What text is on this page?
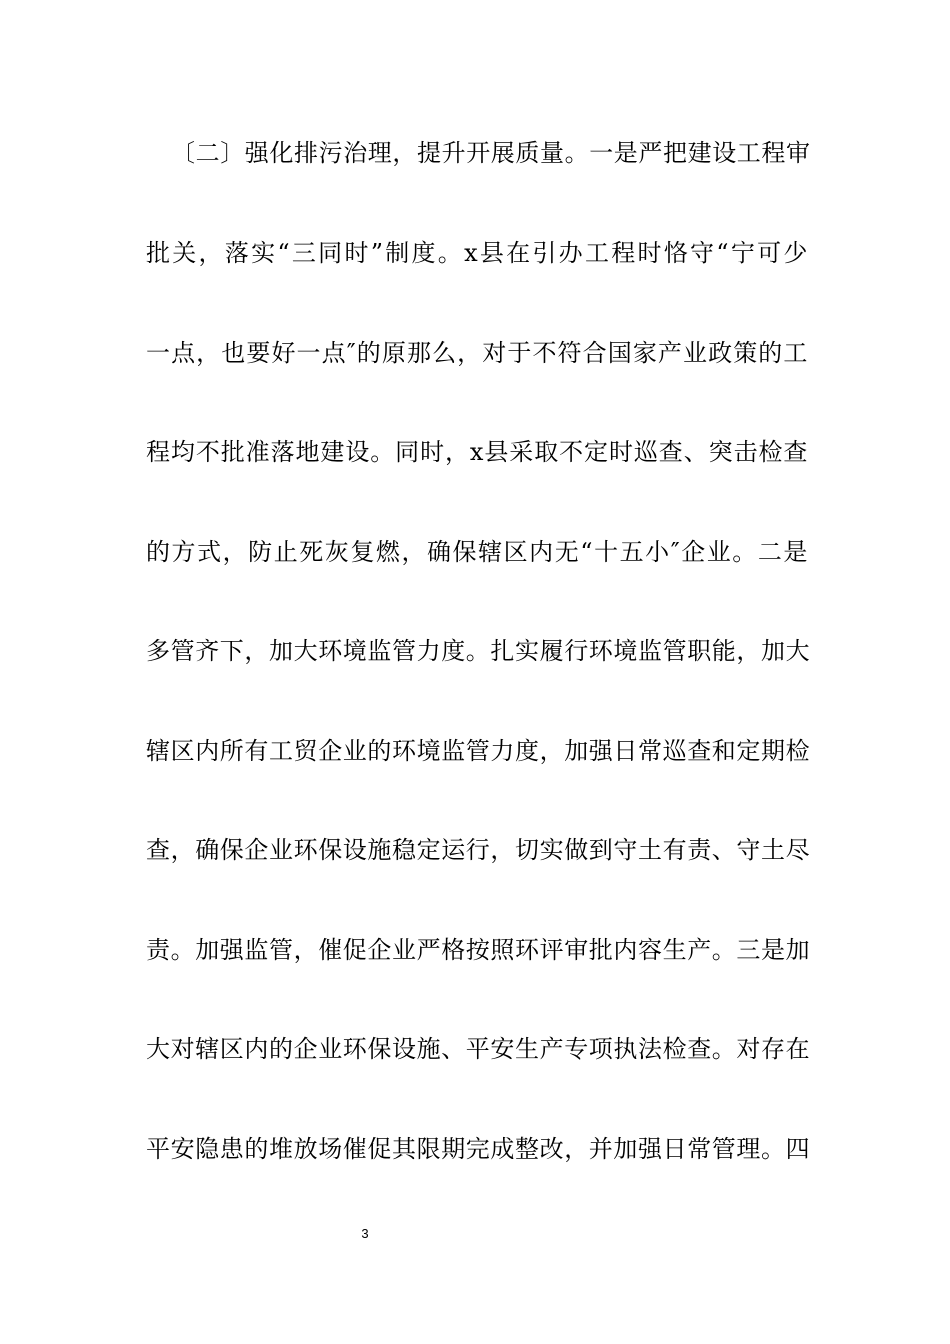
〔二〕强化排污治理，提升开展质量。一是严把建设工程审
批关，落实“三同时”制度。x县在引办工程时恪守“宁可少
一点，也要好一点″的原那么，对于不符合国家产业政策的工
程均不批准落地建设。同时，x县采取不定时巡查、突击检查
的方式，防止死灰复燃，确保辖区内无“十五小″企业。二是
多管齐下，加大环境监管力度。扎实履行环境监管职能，加大
辖区内所有工贸企业的环境监管力度，加强日常巡查和定期检
查，确保企业环保设施稳定运行，切实做到守土有责、守土尽
责。加强监管，催促企业严格按照环评审批内容生产。三是加
大对辖区内的企业环保设施、平安生产专项执法检查。对存在
平安隐患的堆放场催促其限期完成整改，并加强日常管理。四
3
